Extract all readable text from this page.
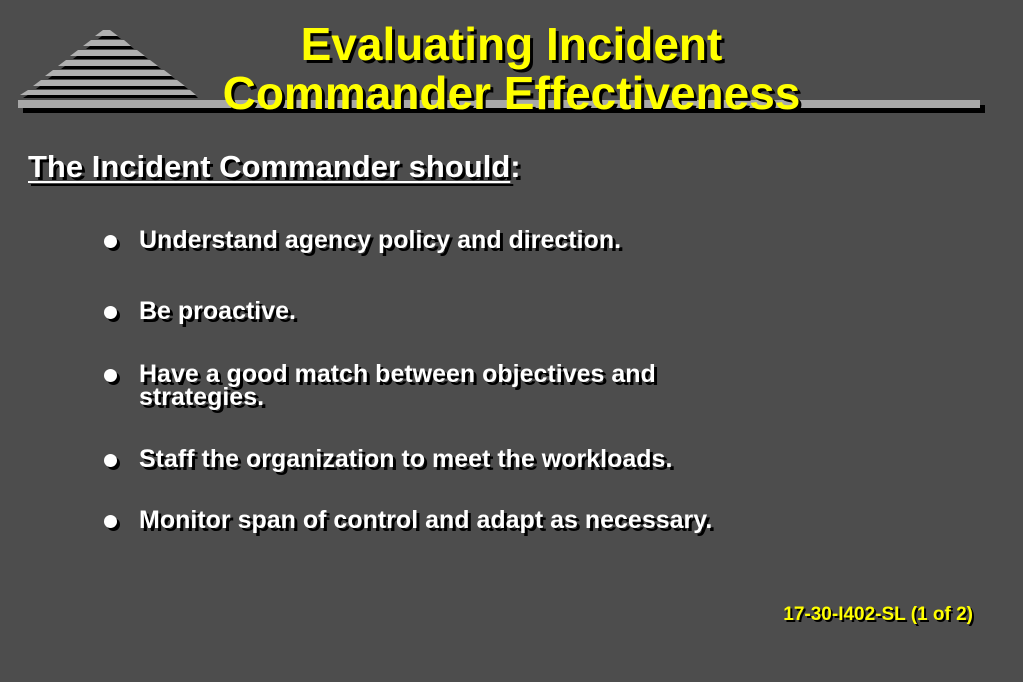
Evaluating Incident
Commander Effectiveness
The Incident Commander should:
Understand agency policy and direction.
Be proactive.
Have a good match between objectives and strategies.
Staff the organization to meet the workloads.
Monitor span of control and adapt as necessary.
17-30-I402-SL (1 of 2)
